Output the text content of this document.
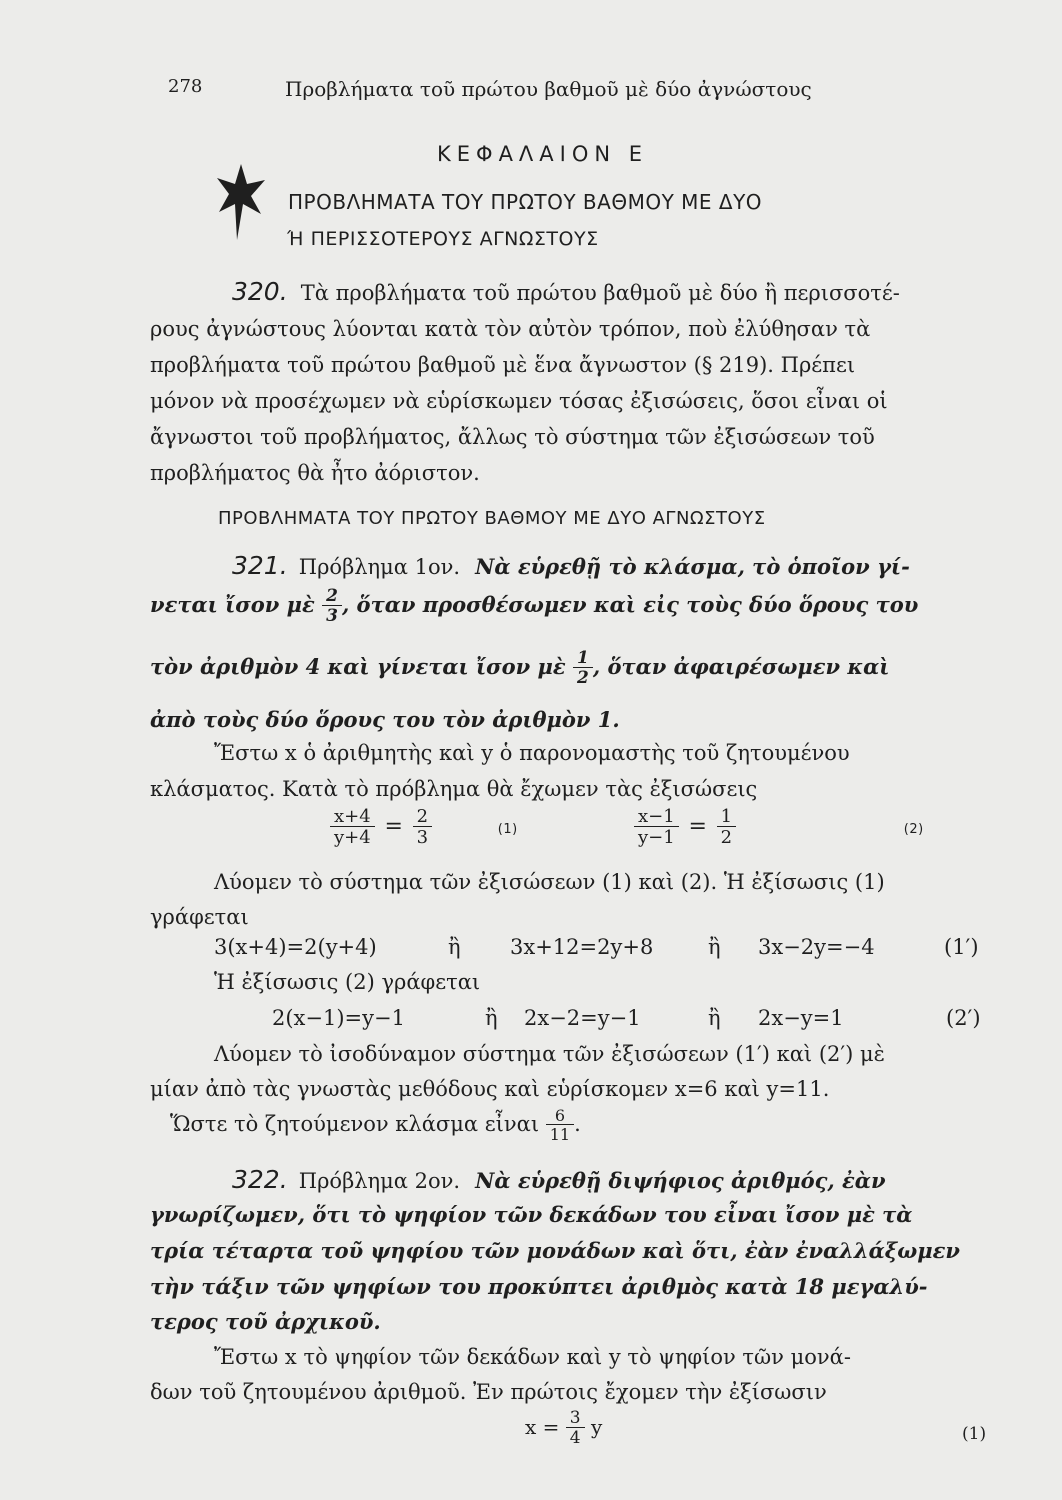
278	Προβλήματα τοῦ πρώτου βαθμοῦ μὲ δύο ἀγνώστους
ΚΕΦΑΛΑΙΟΝ Ε
ΠΡΟΒΛΗΜΑΤΑ ΤΟΥ ΠΡΩΤΟΥ ΒΑΘΜΟΥ ΜΕ ΔΥΟ
Ή ΠΕΡΙΣΣΟΤΕΡΟΥΣ ΑΓΝΩΣΤΟΥΣ
320. Τὰ προβλήματα τοῦ πρώτου βαθμοῦ μὲ δύο ἢ περισσοτέ-
ρους ἀγνώστους λύονται κατὰ τὸν αὐτὸν τρόπον, ποὺ ἐλύθησαν τὰ
προβλήματα τοῦ πρώτου βαθμοῦ μὲ ἕνα ἄγνωστον (§ 219). Πρέπει
μόνον νὰ προσέχωμεν νὰ εὑρίσκωμεν τόσας ἐξισώσεις, ὅσοι εἶναι οἱ
ἄγνωστοι τοῦ προβλήματος, ἄλλως τὸ σύστημα τῶν ἐξισώσεων τοῦ
προβλήματος θὰ ἦτο ἀόριστον.
ΠΡΟΒΛΗΜΑΤΑ ΤΟΥ ΠΡΩΤΟΥ ΒΑΘΜΟΥ ΜΕ ΔΥΟ ΑΓΝΩΣΤΟΥΣ
321. Πρόβλημα 1ον. Νὰ εὑρεθῇ τὸ κλάσμα, τὸ ὁποῖον γί-
νεται ἴσον μὲ $\frac{2}{3}$ , ὅταν προσθέσωμεν καὶ εἰς τοὺς δύο ὅρους του
τὸν ἀριθμὸν 4 καὶ γίνεται ἴσον μὲ $\frac{1}{2}$ , ὅταν ἀφαιρέσωμεν καὶ
ἀπὸ τοὺς δύο ὅρους του τὸν ἀριθμὸν 1.
Ἔστω x ὁ ἀριθμητὴς καὶ y ὁ παρονομαστὴς τοῦ ζητουμένου
κλάσματος. Κατὰ τὸ πρόβλημα θὰ ἔχωμεν τὰς ἐξισώσεις
$\frac{x+4}{y+4} = \frac{2}{3}$	(1)	$\frac{x-1}{y-1} = \frac{1}{2}$	(2)
Λύομεν τὸ σύστημα τῶν ἐξισώσεων (1) καὶ (2). Ἡ ἐξίσωσις (1)
γράφεται
3(x+4)=2(y+4)	ἢ 3x+12=2y+8	ἢ 3x−2y=−4	(1′)
Ἡ ἐξίσωσις (2) γράφεται
2(x−1)=y−1	ἢ 2x−2=y−1	ἢ 2x−y=1	(2′)
Λύομεν τὸ ἰσοδύναμον σύστημα τῶν ἐξισώσεων (1′) καὶ (2′) μὲ
μίαν ἀπὸ τὰς γνωστὰς μεθόδους καὶ εὑρίσκομεν x=6 καὶ y=11.
Ὥστε τὸ ζητούμενον κλάσμα εἶναι $\frac{6}{11}$ .
322. Πρόβλημα 2ον. Νὰ εὑρεθῇ διψήφιος ἀριθμός, ἐὰν
γνωρίζωμεν, ὅτι τὸ ψηφίον τῶν δεκάδων του εἶναι ἴσον μὲ τὰ
τρία τέταρτα τοῦ ψηφίου τῶν μονάδων καὶ ὅτι, ἐὰν ἐναλλάξωμεν
τὴν τάξιν τῶν ψηφίων του προκύπτει ἀριθμὸς κατὰ 18 μεγαλύ-
τερος τοῦ ἀρχικοῦ.
Ἔστω x τὸ ψηφίον τῶν δεκάδων καὶ y τὸ ψηφίον τῶν μονά-
δων τοῦ ζητουμένου ἀριθμοῦ. Ἐν πρώτοις ἔχομεν τὴν ἐξίσωσιν
$x = \frac{3}{4}$ y	(1)
